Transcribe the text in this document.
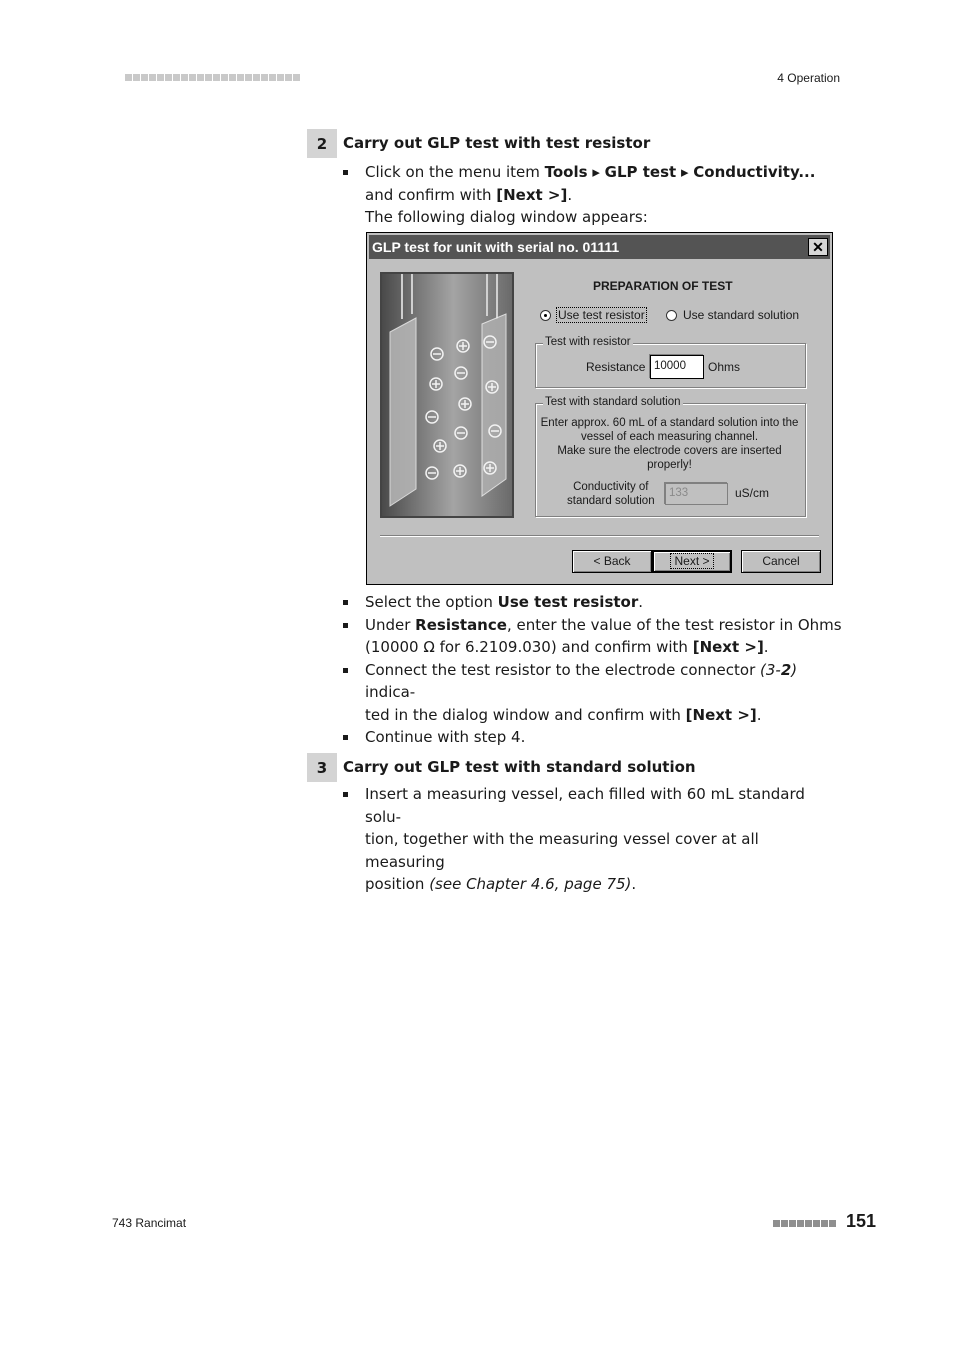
4 Operation
2	Carry out GLP test with test resistor
Click on the menu item Tools ▸ GLP test ▸ Conductivity... and confirm with [Next >].
The following dialog window appears:
GLP test for unit with serial no. 01111	✕
PREPARATION OF TEST
Use test resistor	Use standard solution
Test with resistor
Resistance 10000	Ohms
Test with standard solution
Enter approx. 60 mL of a standard solution into the
vessel of each measuring channel.
Make sure the electrode covers are inserted
properly!
Conductivity of
standard solution
133	uS/cm
< Back	Next >	Cancel
Select the option Use test resistor.
Under Resistance, enter the value of the test resistor in Ohms
(10000 Ω for 6.2109.030) and confirm with [Next >].
Connect the test resistor to the electrode connector (3-2) indica-
ted in the dialog window and confirm with [Next >].
Continue with step 4.
3	Carry out GLP test with standard solution
Insert a measuring vessel, each filled with 60 mL standard solu-
tion, together with the measuring vessel cover at all measuring
position (see Chapter 4.6, page 75).
743 Rancimat	151
